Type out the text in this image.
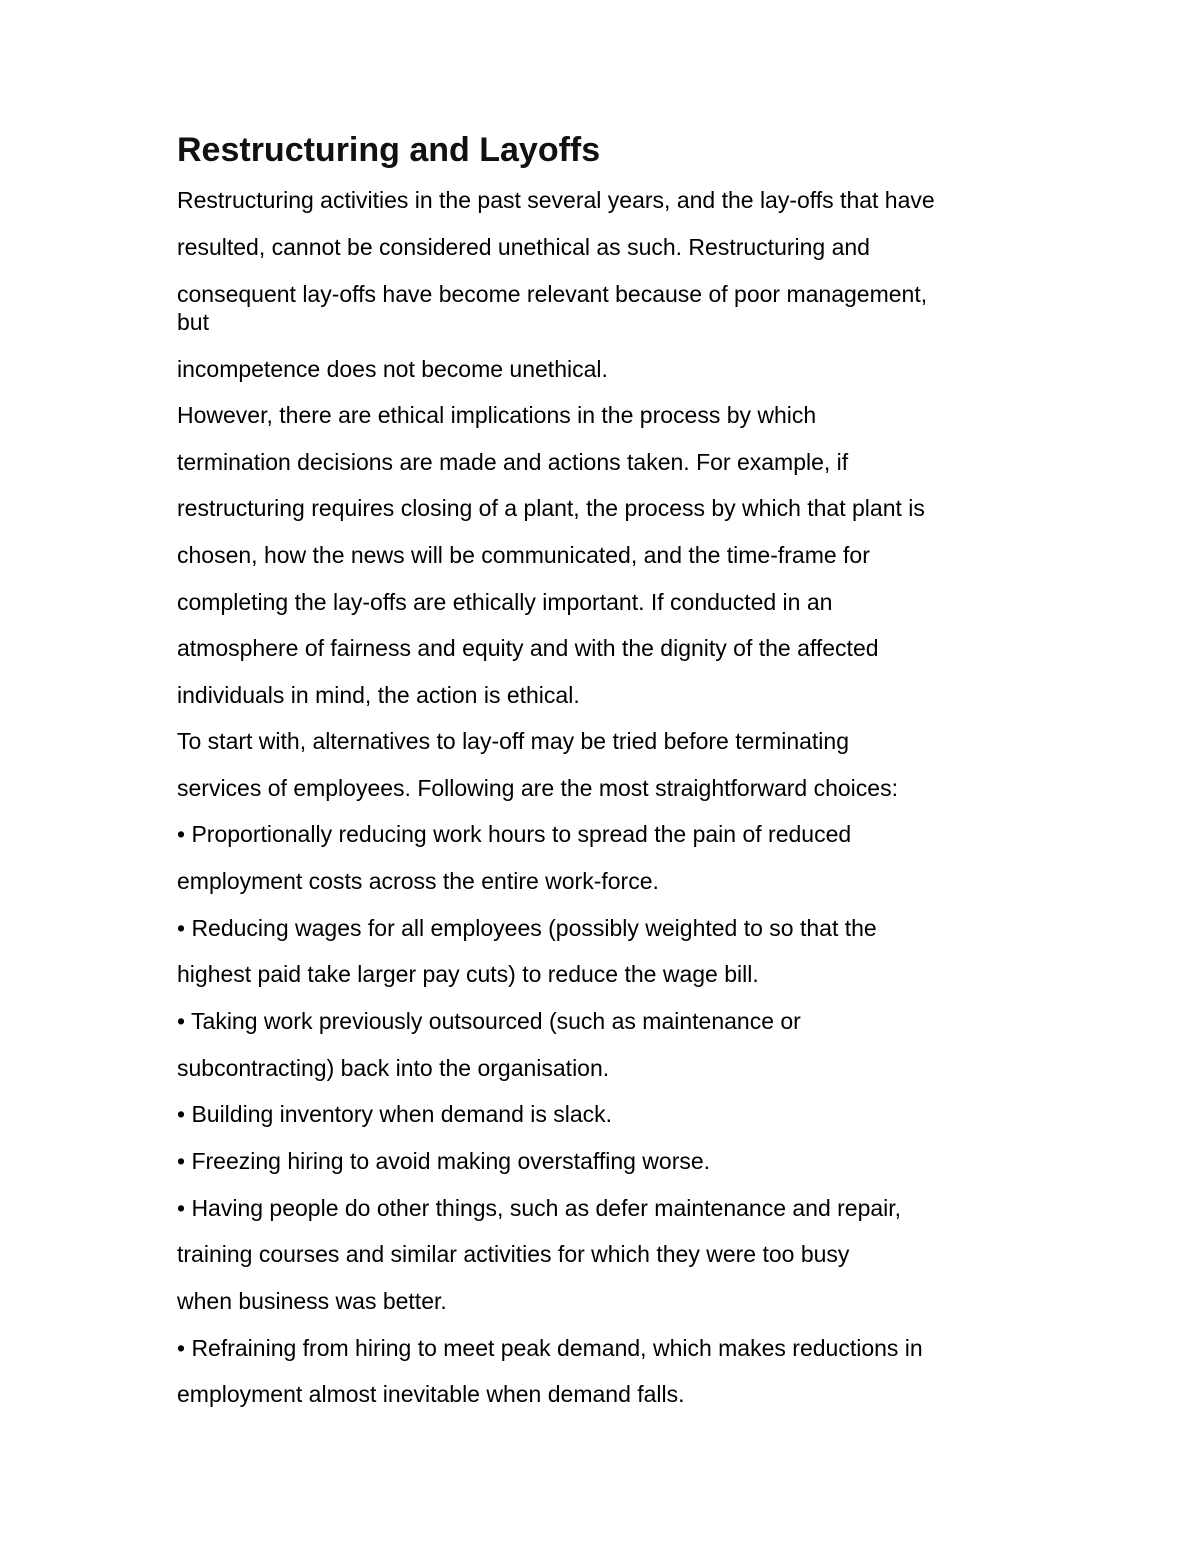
Restructuring and Layoffs

Restructuring activities in the past several years, and the lay-offs that have

resulted, cannot be considered unethical as such. Restructuring and

consequent lay-offs have become relevant because of poor management,

but

incompetence does not become unethical.

However, there are ethical implications in the process by which

termination decisions are made and actions taken. For example, if

restructuring requires closing of a plant, the process by which that plant is

chosen, how the news will be communicated, and the time-frame for

completing the lay-offs are ethically important. If conducted in an

atmosphere of fairness and equity and with the dignity of the affected

individuals in mind, the action is ethical.

To start with, alternatives to lay-off may be tried before terminating

services of employees. Following are the most straightforward choices:

• Proportionally reducing work hours to spread the pain of reduced

employment costs across the entire work-force.

• Reducing wages for all employees (possibly weighted to so that the

highest paid take larger pay cuts) to reduce the wage bill.

• Taking work previously outsourced (such as maintenance or

subcontracting) back into the organisation.

• Building inventory when demand is slack.

• Freezing hiring to avoid making overstaffing worse.

• Having people do other things, such as defer maintenance and repair,

training courses and similar activities for which they were too busy

when business was better.

• Refraining from hiring to meet peak demand, which makes reductions in

employment almost inevitable when demand falls.
